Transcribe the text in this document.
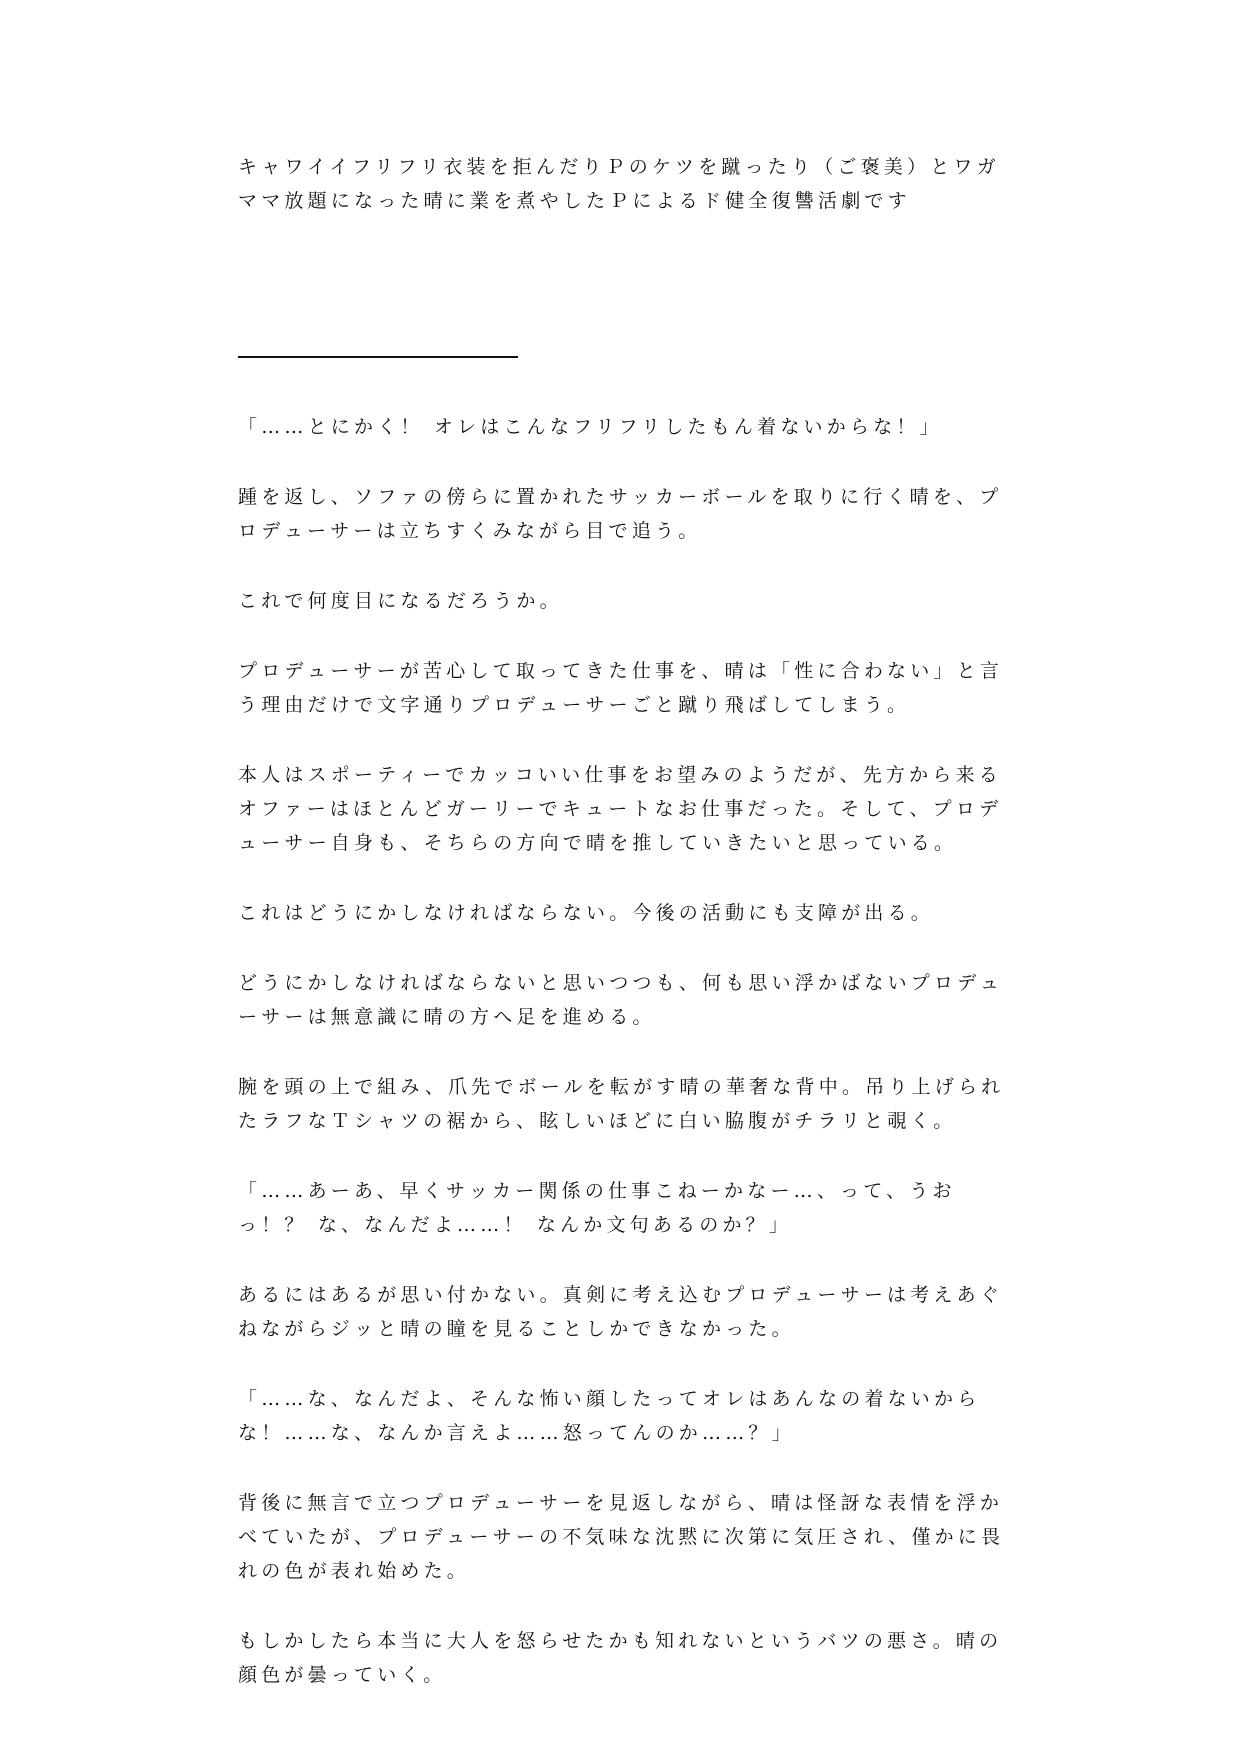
キャワイイフリフリ衣装を拒んだりＰのケツを蹴ったり（ご褒美）とワガママ放題になった晴に業を煮やしたＰによるド健全復讐活劇です

「……とにかく！ オレはこんなフリフリしたもん着ないからな！」

踵を返し、ソファの傍らに置かれたサッカーボールを取りに行く晴を、プロデューサーは立ちすくみながら目で追う。

これで何度目になるだろうか。

プロデューサーが苦心して取ってきた仕事を、晴は「性に合わない」と言う理由だけで文字通りプロデューサーごと蹴り飛ばしてしまう。

本人はスポーティーでカッコいい仕事をお望みのようだが、先方から来るオファーはほとんどガーリーでキュートなお仕事だった。そして、プロデューサー自身も、そちらの方向で晴を推していきたいと思っている。

これはどうにかしなければならない。今後の活動にも支障が出る。

どうにかしなければならないと思いつつも、何も思い浮かばないプロデューサーは無意識に晴の方へ足を進める。

腕を頭の上で組み、爪先でボールを転がす晴の華奢な背中。吊り上げられたラフなＴシャツの裾から、眩しいほどに白い脇腹がチラリと覗く。

「……あーあ、早くサッカー関係の仕事こねーかなー…、って、うおっ！？ な、なんだよ……！ なんか文句あるのか？」

あるにはあるが思い付かない。真剣に考え込むプロデューサーは考えあぐねながらジッと晴の瞳を見ることしかできなかった。

「……な、なんだよ、そんな怖い顔したってオレはあんなの着ないからな！……な、なんか言えよ……怒ってんのか……？」

背後に無言で立つプロデューサーを見返しながら、晴は怪訝な表情を浮かべていたが、プロデューサーの不気味な沈黙に次第に気圧され、僅かに畏れの色が表れ始めた。

もしかしたら本当に大人を怒らせたかも知れないというバツの悪さ。晴の顔色が曇っていく。
